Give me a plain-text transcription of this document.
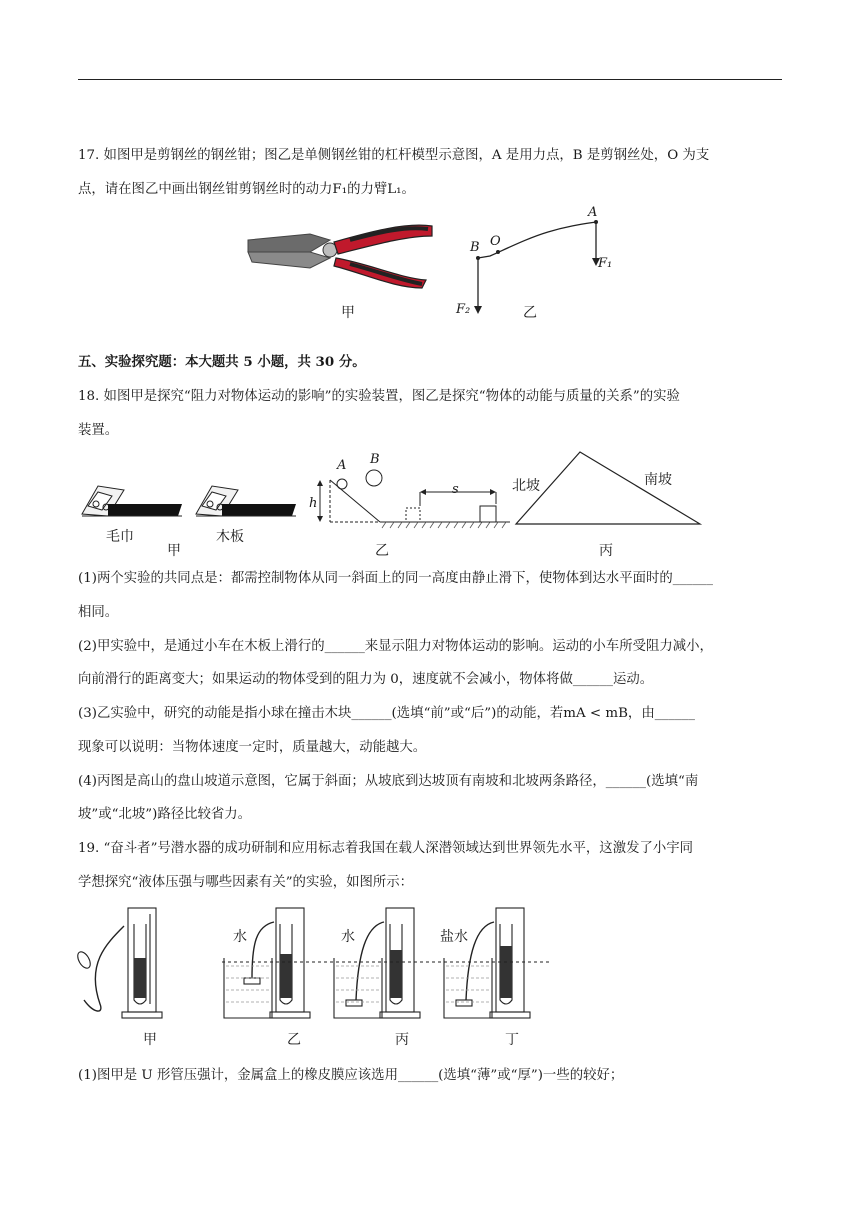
17. 如图甲是剪钢丝的钢丝钳；图乙是单侧钢丝钳的杠杆模型示意图，A 是用力点，B 是剪钢丝处，O 为支
点，请在图乙中画出钢丝钳剪钢丝时的动力F₁的力臂L₁。
甲
A
B O
F₁
F₂	乙
五、实验探究题：本大题共 5 小题，共 30 分。
18. 如图甲是探究“阻力对物体运动的影响”的实验装置，图乙是探究“物体的动能与质量的关系”的实验
装置。
毛巾	木板
甲
A B
h
s
乙
北坡	南坡
丙
(1)两个实验的共同点是：都需控制物体从同一斜面上的同一高度由静止滑下，使物体到达水平面时的______
相同。
(2)甲实验中，是通过小车在木板上滑行的______来显示阻力对物体运动的影响。运动的小车所受阻力减小，
向前滑行的距离变大；如果运动的物体受到的阻力为 0，速度就不会减小，物体将做______运动。
(3)乙实验中，研究的动能是指小球在撞击木块______(选填“前”或“后”)的动能，若mA < mB，由______
现象可以说明：当物体速度一定时，质量越大，动能越大。
(4)丙图是高山的盘山坡道示意图，它属于斜面；从坡底到达坡顶有南坡和北坡两条路径，______(选填“南
坡”或“北坡”)路径比较省力。
19. “奋斗者”号潜水器的成功研制和应用标志着我国在载人深潜领域达到世界领先水平，这激发了小宇同
学想探究“液体压强与哪些因素有关”的实验，如图所示：
水	水	盐水
甲	乙	丙	丁
(1)图甲是 U 形管压强计，金属盒上的橡皮膜应该选用______(选填“薄”或“厚”)一些的较好；
